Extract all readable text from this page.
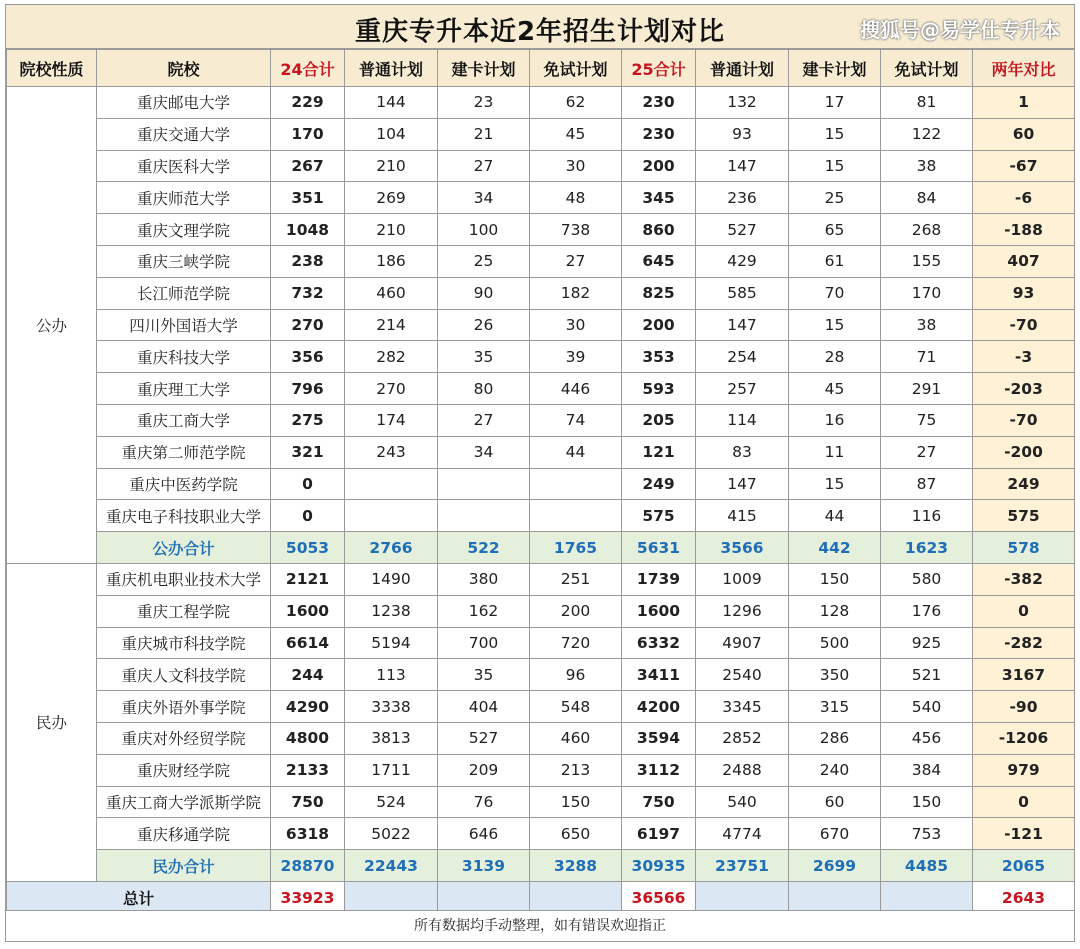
重庆专升本近2年招生计划对比	搜狐号@易学仕专升本
院校性质	院校	24合计	普通计划	建卡计划	免试计划	25合计	普通计划	建卡计划	免试计划	两年对比
公办	重庆邮电大学	229	144	23	62	230	132	17	81	1
	重庆交通大学	170	104	21	45	230	93	15	122	60
	重庆医科大学	267	210	27	30	200	147	15	38	-67
	重庆师范大学	351	269	34	48	345	236	25	84	-6
	重庆文理学院	1048	210	100	738	860	527	65	268	-188
	重庆三峡学院	238	186	25	27	645	429	61	155	407
	长江师范学院	732	460	90	182	825	585	70	170	93
	四川外国语大学	270	214	26	30	200	147	15	38	-70
	重庆科技大学	356	282	35	39	353	254	28	71	-3
	重庆理工大学	796	270	80	446	593	257	45	291	-203
	重庆工商大学	275	174	27	74	205	114	16	75	-70
	重庆第二师范学院	321	243	34	44	121	83	11	27	-200
	重庆中医药学院	0				249	147	15	87	249
	重庆电子科技职业大学	0				575	415	44	116	575
	公办合计	5053	2766	522	1765	5631	3566	442	1623	578
民办	重庆机电职业技术大学	2121	1490	380	251	1739	1009	150	580	-382
	重庆工程学院	1600	1238	162	200	1600	1296	128	176	0
	重庆城市科技学院	6614	5194	700	720	6332	4907	500	925	-282
	重庆人文科技学院	244	113	35	96	3411	2540	350	521	3167
	重庆外语外事学院	4290	3338	404	548	4200	3345	315	540	-90
	重庆对外经贸学院	4800	3813	527	460	3594	2852	286	456	-1206
	重庆财经学院	2133	1711	209	213	3112	2488	240	384	979
	重庆工商大学派斯学院	750	524	76	150	750	540	60	150	0
	重庆移通学院	6318	5022	646	650	6197	4774	670	753	-121
	民办合计	28870	22443	3139	3288	30935	23751	2699	4485	2065
总计		33923				36566				2643
所有数据均手动整理，如有错误欢迎指正
